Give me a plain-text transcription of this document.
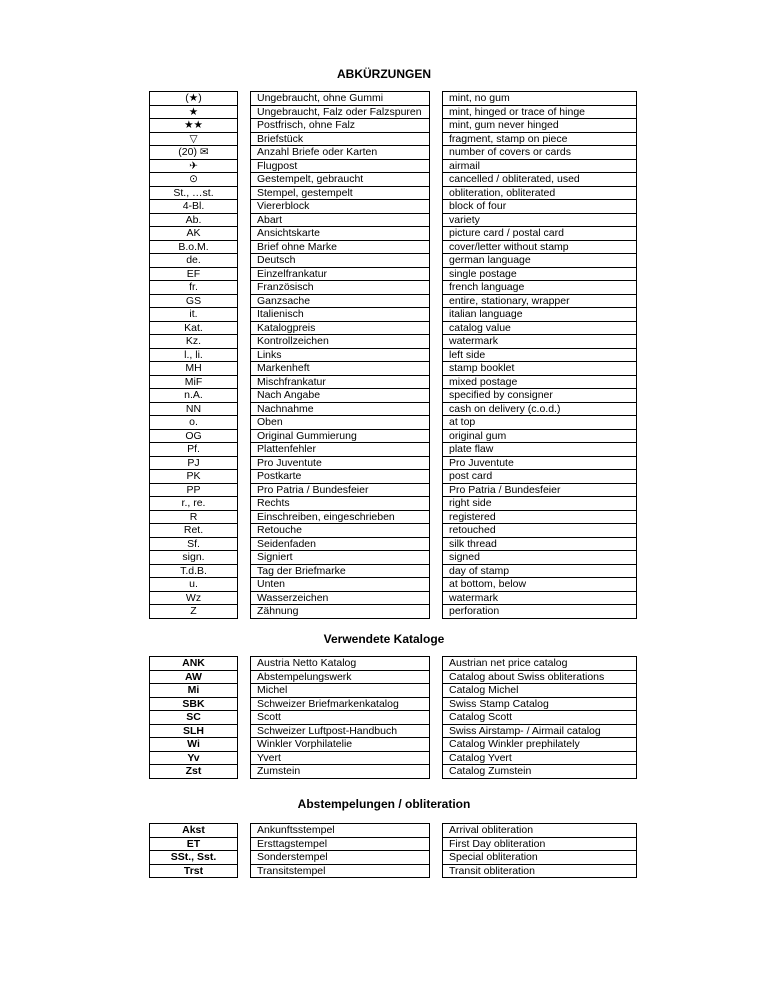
ABKÜRZUNGEN
(★)		Ungebraucht, ohne Gummi		mint, no gum
★		Ungebraucht, Falz oder Falzspuren		mint, hinged or trace of hinge
★★		Postfrisch, ohne Falz		mint, gum never hinged
▽		Briefstück		fragment, stamp on piece
(20) ✉		Anzahl Briefe oder Karten		number of covers or cards
✈		Flugpost		airmail
⊙		Gestempelt, gebraucht		cancelled / obliterated, used
St., …st.		Stempel, gestempelt		obliteration, obliterated
4-Bl.		Viererblock		block of four
Ab.		Abart		variety
AK		Ansichtskarte		picture card / postal card
B.o.M.		Brief ohne Marke		cover/letter without stamp
de.		Deutsch		german language
EF		Einzelfrankatur		single postage
fr.		Französisch		french language
GS		Ganzsache		entire, stationary, wrapper
it.		Italienisch		italian language
Kat.		Katalogpreis		catalog value
Kz.		Kontrollzeichen		watermark
l., li.		Links		left side
MH		Markenheft		stamp booklet
MiF		Mischfrankatur		mixed postage
n.A.		Nach Angabe		specified by consigner
NN		Nachnahme		cash on delivery (c.o.d.)
o.		Oben		at top
OG		Original Gummierung		original gum
Pf.		Plattenfehler		plate flaw
PJ		Pro Juventute		Pro Juventute
PK		Postkarte		post card
PP		Pro Patria / Bundesfeier		Pro Patria / Bundesfeier
r., re.		Rechts		right side
R		Einschreiben, eingeschrieben		registered
Ret.		Retouche		retouched
Sf.		Seidenfaden		silk thread
sign.		Signiert		signed
T.d.B.		Tag der Briefmarke		day of stamp
u.		Unten		at bottom, below
Wz		Wasserzeichen		watermark
Z		Zähnung		perforation
Verwendete Kataloge
ANK		Austria Netto Katalog		Austrian net price catalog
AW		Abstempelungswerk		Catalog about Swiss obliterations
Mi		Michel		Catalog Michel
SBK		Schweizer Briefmarkenkatalog		Swiss Stamp Catalog
SC		Scott		Catalog Scott
SLH		Schweizer Luftpost-Handbuch		Swiss Airstamp- / Airmail catalog
Wi		Winkler Vorphilatelie		Catalog Winkler prephilately
Yv		Yvert		Catalog Yvert
Zst		Zumstein		Catalog Zumstein
Abstempelungen / obliteration
Akst		Ankunftsstempel		Arrival obliteration
ET		Ersttagstempel		First Day obliteration
SSt., Sst.		Sonderstempel		Special obliteration
Trst		Transitstempel		Transit obliteration
